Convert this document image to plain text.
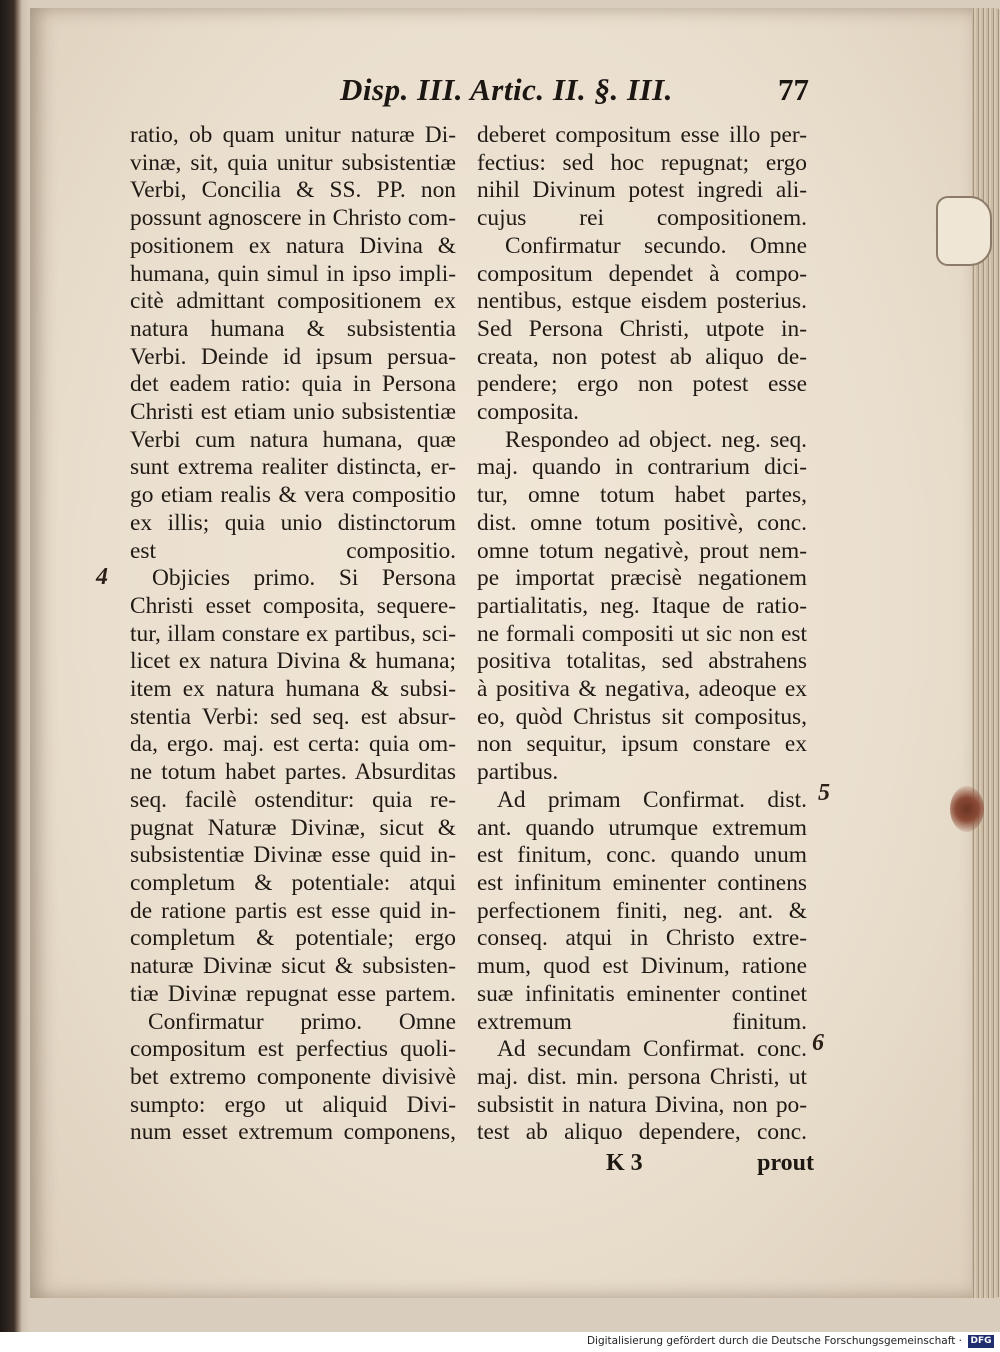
Disp. III. Artic. II. §. III.	77

ratio, ob quam unitur naturæ Di-
vinæ, sit, quia unitur subsistentiæ
Verbi, Concilia & SS. PP. non
possunt agnoscere in Christo com-
positionem ex natura Divina &
humana, quin simul in ipso impli-
citè admittant compositionem ex
natura humana & subsistentia
Verbi. Deinde id ipsum persua-
det eadem ratio: quia in Persona
Christi est etiam unio subsistentiæ
Verbi cum natura humana, quæ
sunt extrema realiter distincta, er-
go etiam realis & vera compositio
ex illis; quia unio distinctorum
est compositio.
Objicies primo. Si Persona
Christi esset composita, sequere-
tur, illam constare ex partibus, sci-
licet ex natura Divina & humana;
item ex natura humana & subsi-
stentia Verbi: sed seq. est absur-
da, ergo. maj. est certa: quia om-
ne totum habet partes. Absurditas
seq. facilè ostenditur: quia re-
pugnat Naturæ Divinæ, sicut &
subsistentiæ Divinæ esse quid in-
completum & potentiale: atqui
de ratione partis est esse quid in-
completum & potentiale; ergo
naturæ Divinæ sicut & subsisten-
tiæ Divinæ repugnat esse partem.
Confirmatur primo. Omne
compositum est perfectius quoli-
bet extremo componente divisivè
sumpto: ergo ut aliquid Divi-
num esset extremum componens,

deberet compositum esse illo per-
fectius: sed hoc repugnat; ergo
nihil Divinum potest ingredi ali-
cujus rei compositionem.
Confirmatur secundo. Omne
compositum dependet à compo-
nentibus, estque eisdem posterius.
Sed Persona Christi, utpote in-
creata, non potest ab aliquo de-
pendere; ergo non potest esse
composita.
Respondeo ad object. neg. seq.
maj. quando in contrarium dici-
tur, omne totum habet partes,
dist. omne totum positivè, conc.
omne totum negativè, prout nem-
pe importat præcisè negationem
partialitatis, neg. Itaque de ratio-
ne formali compositi ut sic non est
positiva totalitas, sed abstrahens
à positiva & negativa, adeoque ex
eo, quòd Christus sit compositus,
non sequitur, ipsum constare ex
partibus.
Ad primam Confirmat. dist.
ant. quando utrumque extremum
est finitum, conc. quando unum
est infinitum eminenter continens
perfectionem finiti, neg. ant. &
conseq. atqui in Christo extre-
mum, quod est Divinum, ratione
suæ infinitatis eminenter continet
extremum finitum.
Ad secundam Confirmat. conc.
maj. dist. min. persona Christi, ut
subsistit in natura Divina, non po-
test ab aliquo dependere, conc.

4
5
6
K 3	prout
Digitalisierung gefördert durch die Deutsche Forschungsgemeinschaft · DFG
